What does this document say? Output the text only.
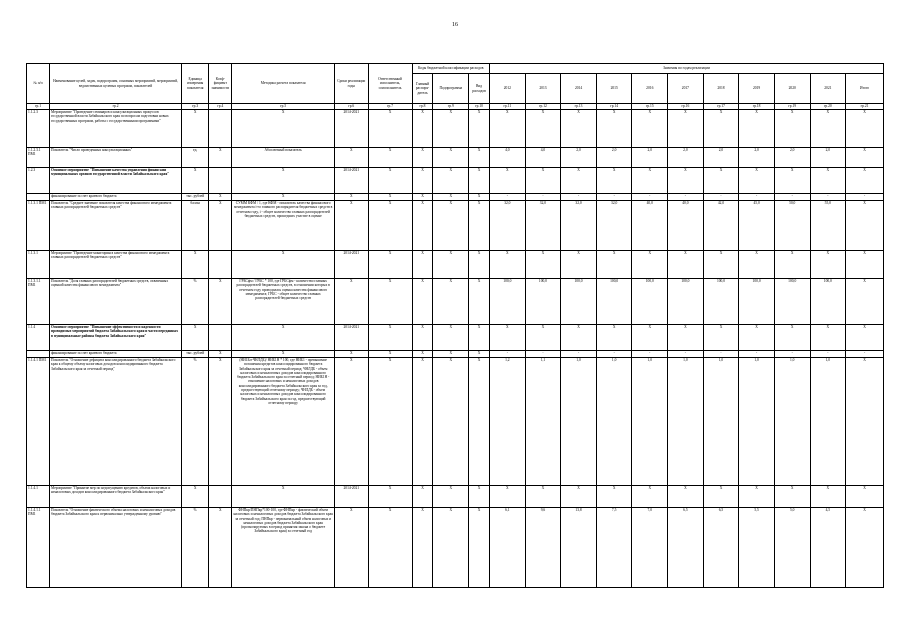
16
№ п/п	Наименование целей, задач, подпрограмм, основных мероприятий, мероприятий, ведомственных целевых программ, показателей	Единица измерения показателя	Коэф-фициент значимости	Методика расчета показателя	Сроки реализации годы	Ответственный исполнитель, соисполнитель	Коды бюджетной классификации расходов			Значения по годам реализации										
							Главный распоря-дитель	Подпрограмма	Вид расходов	2012	2013	2014	2015	2016	2017	2018	2019	2020	2021	Итого
гр.1	гр.2	гр.3	гр.4	гр.5	гр.6	гр.7	гр.8	гр.9	гр.10	гр.11	гр.12	гр.13	гр.14	гр.15	гр.16	гр.17	гр.18	гр.19	гр.20	гр.21
1.1.2.3	Мероприятие "Проведение семинаров и консультационных процессов государственной власти Забайкальского края по вопросам подготовки новых государственных программ, работы с государственными программами"	X		X	2014-2021	X	X	X	X	X	X	X	X	X	X	X	X	X	X	X
1.1.2.3.1 ПМ1	Показатель "Число проведенных консультационных"	ед.	X	Абсолютный показатель	X	X	X	X	X	4,0	4,0	2,0	2,0	2,0	2,0	2,0	2,0	2,0	2,0	X
1.2.3	Основное мероприятие "Повышение качества управления финансами муниципальных органов государственной власти Забайкальского края"	X		X	2014-2021	X	X	X	X	X	X	X	X	X	X	X	X	X	X	X
	финансирование за счет краевого бюджета	тыс. рублей	X	X	X	X	X	X	X	-	-	-	-	-	-	-	-	-	-	-
1.1.3.1 ПМ1	Показатель "Среднее значение показателя качества финансового менеджмента главных распорядителей бюджетных средств"	баллы	X	СУММ КФМ / 1, где КФМ - показатель качества финансового менеджмента i-го главного распорядителя бюджетных средств в отчетном году, i - общее количество главных распорядителей бюджетных средств, прошедших участие в оценке	X	X	X	X	X	32,0	32,0	32,0	32,0	40,0	40,0	42,0	45,0	50,0	55,0	X
1.1.3.1	Мероприятие "Проведение мониторинга качества финансового менеджмента главных распорядителей бюджетных средств"	X		X	2014-2021	X	X	X	X	X	X	X	X	X	X	X	X	X	X	X
1.1.3.1.1 ПМ1	Показатель "Доля главных распорядителей бюджетных средств, охваченных оценкой качества финансового менеджмента"	%	X	ГРБСфм / ГРБС * 100, где ГРБСфм - количество главных распорядителей бюджетных средств, в отношении которых в отчетном году проводилась оценка качества финансового менеджмента; ГРБС - общее количество главных распорядителей бюджетных средств	X	X	X	X	X	100,0	100,0	100,0	100,0	100,0	100,0	100,0	100,0	100,0	100,0	X
1.1.4	Основное мероприятие "Повышение эффективности и надежности проводимых мероприятий бюджета Забайкальского края и части переданных в муниципальные районы бюджета Забайкальского края"	X		X	2014-2021	X	X	X	X	X	X	X	X	X	X	X	X	X	X	X
	финансирование за счет краевого бюджета	тыс. рублей	X	X	X	X	X	X	X	-	-	-	-	-	-	-	-	-	-	-
1.1.4.1 ПМ1	Показатель "Отношение дефицита консолидированного бюджета Забайкальского края к общему объему налоговых доходов консолидированного бюджета Забайкальского края за отчетный период"	%	X	(НИ1Бп-ЧНЛДБ)/ НИБ1Н * 100, где НИБ1 - превышение погашения кредитов консолидированного бюджета Забайкальского края за отчетный период; ЧНЛДБ - объем налоговых и неналоговых доходов консолидированного бюджета Забайкальского края за отчетный период; НИБ1Н - отношение налоговых и неналоговых доходов консолидированного бюджета Забайкальского края за год, предшествующий отчетному периоду; ЧНЛДБ - объем налоговых и неналоговых доходов консолидированного бюджета Забайкальского края за год, предшествующий отчетному периоду	X	X	X	X	X	1,2	1,1	1,0	1,0	1,0	1,0	1,0	1,0	1,0	1,0	X
1.1.4.1	Мероприятие "Принятие мер по недопущению кредитов, объема налоговых и неналоговых доходов консолидированного бюджета Забайкальского края"	X		X	2014-2021	X	X	X	X	X	X	X	X	X	X	X	X	X	X	X
1.1.4.1.1 ПМ1	Показатель "Отношение фактического объема налоговых и неналоговых доходов бюджета Забайкальского края к первоначально утвержденному уровню"	%	X	ФНПкр/ПНПкр*100-100, где ФНПкр - фактический объем налоговых и неналоговых доходов бюджета Забайкальского края за отчетный год; ПНПкр - первоначальный объем налоговых и неналоговых доходов бюджета Забайкальского края (прогнозируемых в период принятия закона о бюджете Забайкальского края) за отчетный год	X	X	X	X	X	6,1	9,6	13,8	7,5	7,0	6,5	6,5	5,5	5,0	4,5	X
